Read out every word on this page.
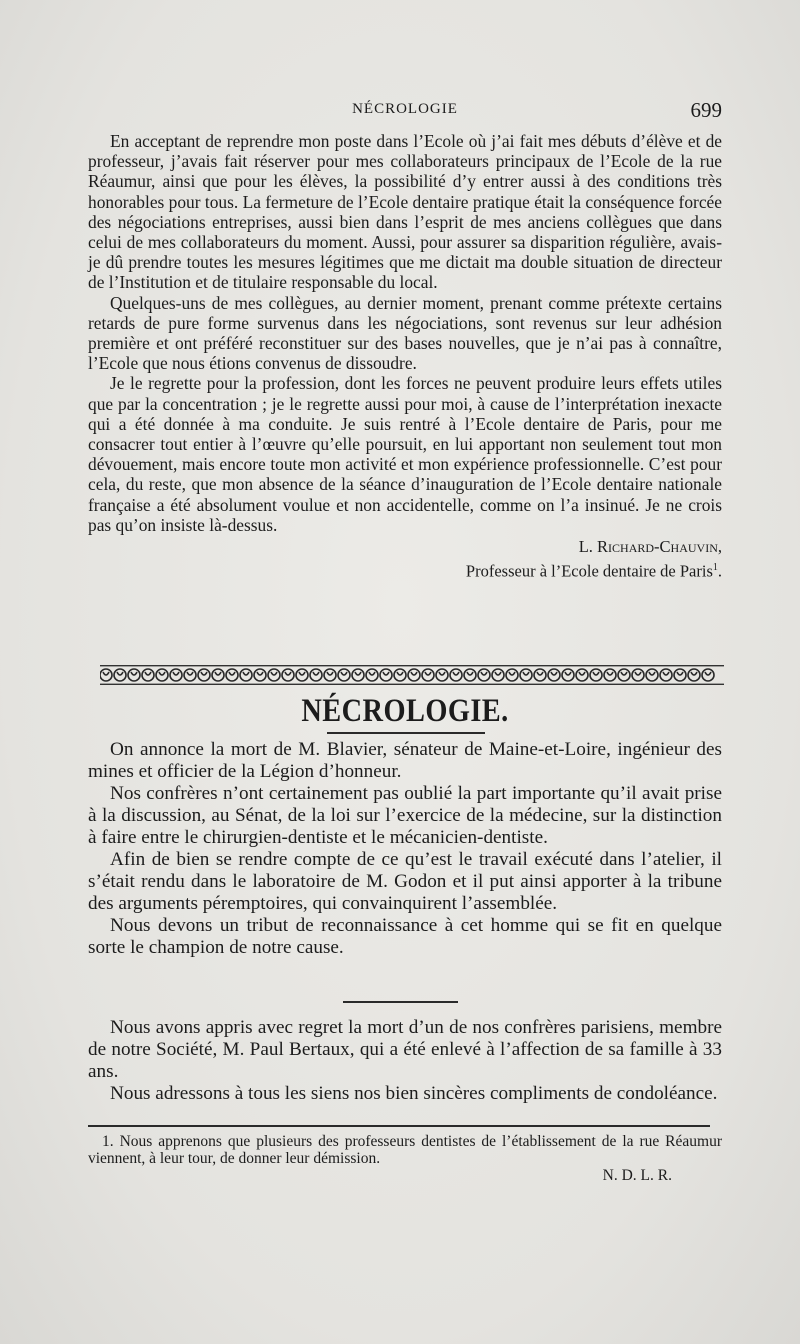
NÉCROLOGIE	699

En acceptant de reprendre mon poste dans l’Ecole où j’ai fait mes débuts d’élève et de professeur, j’avais fait réserver pour mes collaborateurs principaux de l’Ecole de la rue Réaumur, ainsi que pour les élèves, la possibilité d’y entrer aussi à des conditions très honorables pour tous. La fermeture de l’Ecole dentaire pratique était la conséquence forcée des négociations entreprises, aussi bien dans l’esprit de mes anciens collègues que dans celui de mes collaborateurs du moment. Aussi, pour assurer sa disparition régulière, avais-je dû prendre toutes les mesures légitimes que me dictait ma double situation de directeur de l’Institution et de titulaire responsable du local.

Quelques-uns de mes collègues, au dernier moment, prenant comme prétexte certains retards de pure forme survenus dans les négociations, sont revenus sur leur adhésion première et ont préféré reconstituer sur des bases nouvelles, que je n’ai pas à connaître, l’Ecole que nous étions convenus de dissoudre.

Je le regrette pour la profession, dont les forces ne peuvent produire leurs effets utiles que par la concentration ; je le regrette aussi pour moi, à cause de l’interprétation inexacte qui a été donnée à ma conduite. Je suis rentré à l’Ecole dentaire de Paris, pour me consacrer tout entier à l’œuvre qu’elle poursuit, en lui apportant non seulement tout mon dévouement, mais encore toute mon activité et mon expérience professionnelle. C’est pour cela, du reste, que mon absence de la séance d’inauguration de l’Ecole dentaire nationale française a été absolument voulue et non accidentelle, comme on l’a insinué. Je ne crois pas qu’on insiste là-dessus.

L. Richard-Chauvin,
Professeur à l’Ecole dentaire de Paris$^1$.
NÉCROLOGIE.

On annonce la mort de M. Blavier, sénateur de Maine-et-Loire, ingénieur des mines et officier de la Légion d’honneur.

Nos confrères n’ont certainement pas oublié la part importante qu’il avait prise à la discussion, au Sénat, de la loi sur l’exercice de la médecine, sur la distinction à faire entre le chirurgien-dentiste et le mécanicien-dentiste.

Afin de bien se rendre compte de ce qu’est le travail exécuté dans l’atelier, il s’était rendu dans le laboratoire de M. Godon et il put ainsi apporter à la tribune des arguments péremptoires, qui convainquirent l’assemblée.

Nous devons un tribut de reconnaissance à cet homme qui se fit en quelque sorte le champion de notre cause.

Nous avons appris avec regret la mort d’un de nos confrères parisiens, membre de notre Société, M. Paul Bertaux, qui a été enlevé à l’affection de sa famille à 33 ans.

Nous adressons à tous les siens nos bien sincères compliments de condoléance.

1. Nous apprenons que plusieurs des professeurs dentistes de l’établissement de la rue Réaumur viennent, à leur tour, de donner leur démission.

N. D. L. R.
